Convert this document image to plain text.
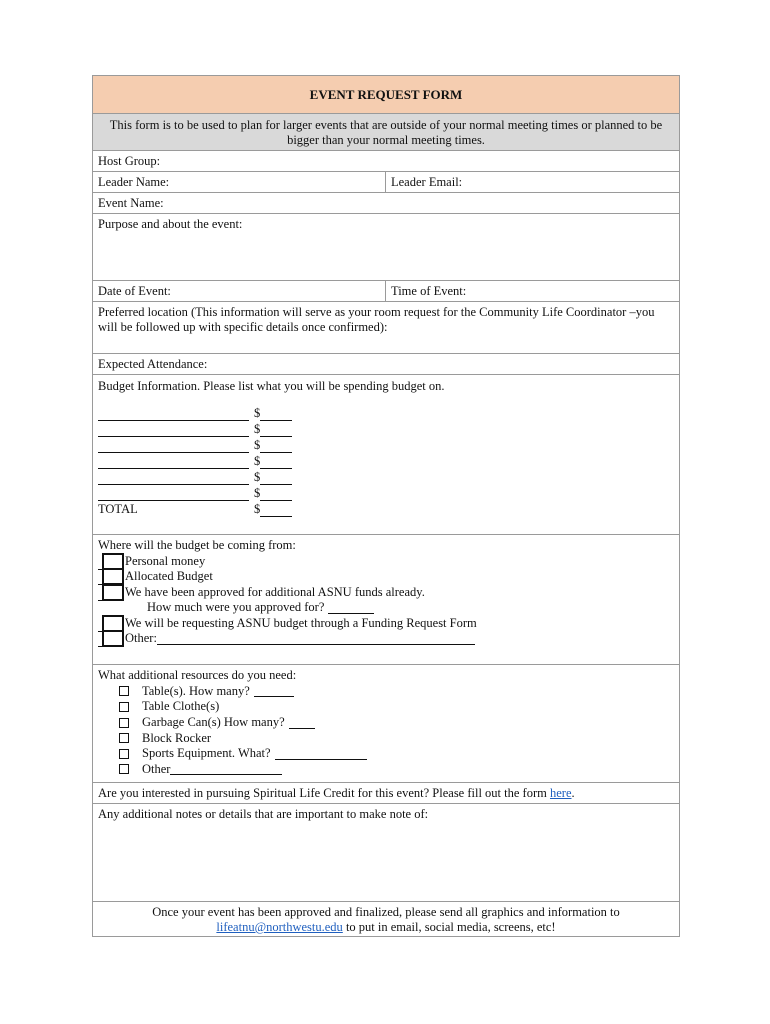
EVENT REQUEST FORM
This form is to be used to plan for larger events that are outside of your normal meeting times or planned to be bigger than your normal meeting times.
Host Group:
Leader Name:	Leader Email:
Event Name:
Purpose and about the event:
Date of Event:	Time of Event:
Preferred location (This information will serve as your room request for the Community Life Coordinator –you will be followed up with specific details once confirmed):
Expected Attendance:
Budget Information. Please list what you will be spending budget on.
$
$
$
$
$
$
TOTAL	$
Where will the budget be coming from:
Personal money
Allocated Budget
We have been approved for additional ASNU funds already.
How much were you approved for?
We will be requesting ASNU budget through a Funding Request Form
Other:
What additional resources do you need:
Table(s). How many?
Table Clothe(s)
Garbage Can(s) How many?
Block Rocker
Sports Equipment. What?
Other
Are you interested in pursuing Spiritual Life Credit for this event? Please fill out the form
here .
Any additional notes or details that are important to make note of:
Once your event has been approved and finalized, please send all graphics and information to
lifeatnu@northwestu.edu to put in email, social media, screens, etc!
